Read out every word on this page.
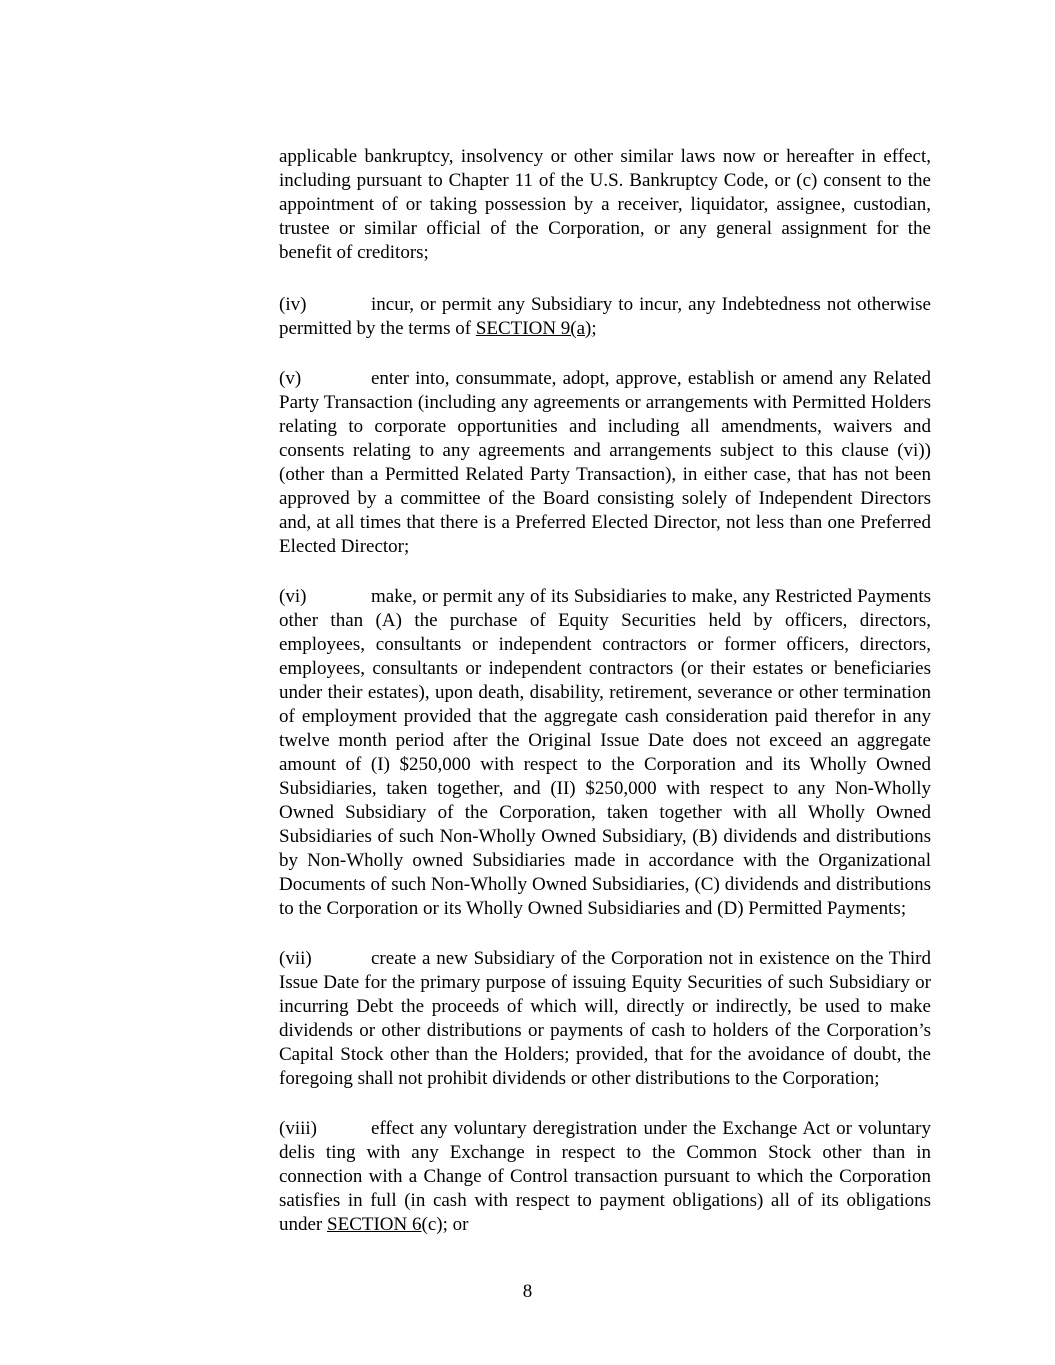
applicable bankruptcy, insolvency or other similar laws now or hereafter in effect, including pursuant to Chapter 11 of the U.S. Bankruptcy Code, or (c) consent to the appointment of or taking possession by a receiver, liquidator, assignee, custodian, trustee or similar official of the Corporation, or any general assignment for the benefit of creditors;

(iv)	incur, or permit any Subsidiary to incur, any Indebtedness not otherwise permitted by the terms of SECTION 9(a);

(v)	enter into, consummate, adopt, approve, establish or amend any Related Party Transaction (including any agreements or arrangements with Permitted Holders relating to corporate opportunities and including all amendments, waivers and consents relating to any agreements and arrangements subject to this clause (vi)) (other than a Permitted Related Party Transaction), in either case, that has not been approved by a committee of the Board consisting solely of Independent Directors and, at all times that there is a Preferred Elected Director, not less than one Preferred Elected Director;

(vi)	make, or permit any of its Subsidiaries to make, any Restricted Payments other than (A) the purchase of Equity Securities held by officers, directors, employees, consultants or independent contractors or former officers, directors, employees, consultants or independent contractors (or their estates or beneficiaries under their estates), upon death, disability, retirement, severance or other termination of employment provided that the aggregate cash consideration paid therefor in any twelve month period after the Original Issue Date does not exceed an aggregate amount of (I) $250,000 with respect to the Corporation and its Wholly Owned Subsidiaries, taken together, and (II) $250,000 with respect to any Non-Wholly Owned Subsidiary of the Corporation, taken together with all Wholly Owned Subsidiaries of such Non-Wholly Owned Subsidiary, (B) dividends and distributions by Non-Wholly owned Subsidiaries made in accordance with the Organizational Documents of such Non-Wholly Owned Subsidiaries, (C) dividends and distributions to the Corporation or its Wholly Owned Subsidiaries and (D) Permitted Payments;

(vii)	create a new Subsidiary of the Corporation not in existence on the Third Issue Date for the primary purpose of issuing Equity Securities of such Subsidiary or incurring Debt the proceeds of which will, directly or indirectly, be used to make dividends or other distributions or payments of cash to holders of the Corporation’s Capital Stock other than the Holders; provided, that for the avoidance of doubt, the foregoing shall not prohibit dividends or other distributions to the Corporation;

(viii)	effect any voluntary deregistration under the Exchange Act or voluntary delis ting with any Exchange in respect to the Common Stock other than in connection with a Change of Control transaction pursuant to which the Corporation satisfies in full (in cash with respect to payment obligations) all of its obligations under SECTION 6(c); or

8
